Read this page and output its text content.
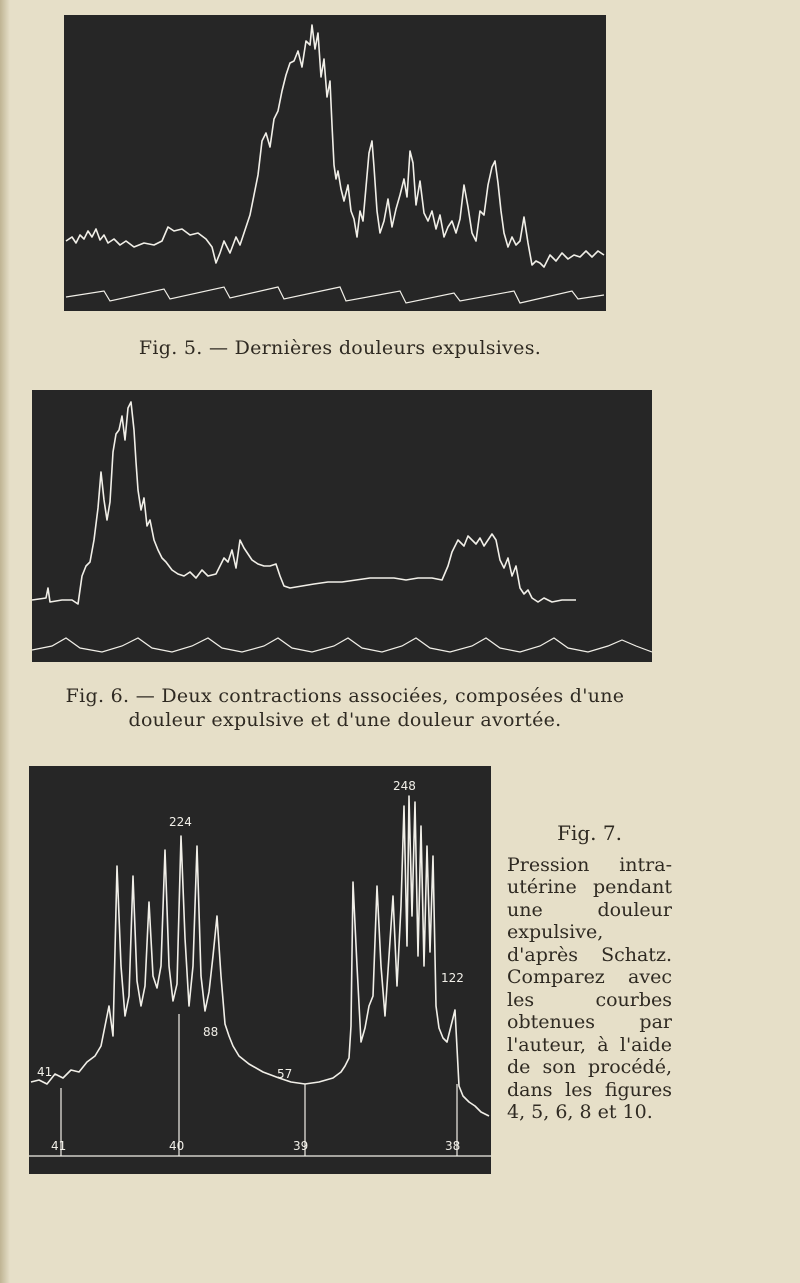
Fig. 5. — Dernières douleurs expulsives.
Fig. 6. — Deux contractions associées, composées d'une douleur expulsive et d'une douleur avortée.
224
248
122
88
57
41
41	40	39	38
Fig. 7.
Pression intra-utérine pendant une douleur expulsive, d'après Schatz. Comparez avec les courbes obtenues par l'auteur, à l'aide de son procédé, dans les figures 4, 5, 6, 8 et 10.
